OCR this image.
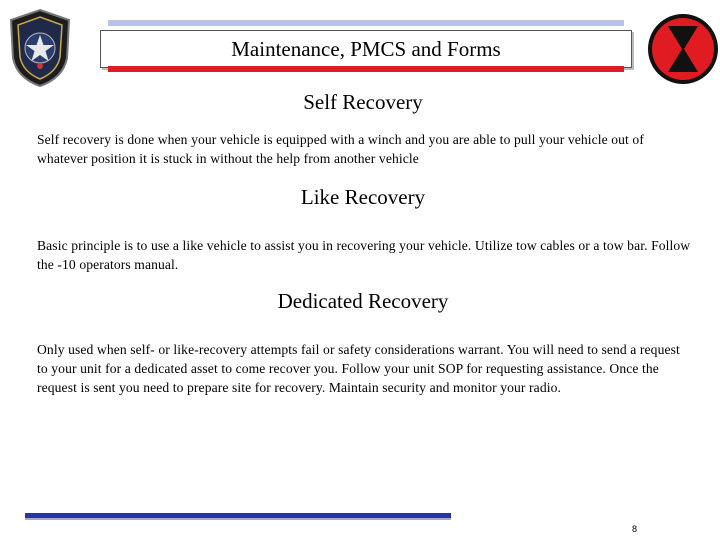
Maintenance, PMCS and Forms
Self Recovery
Self recovery is done when your vehicle is equipped with a winch and you are able to pull your vehicle out of whatever position it is stuck in without the help from another vehicle
Like Recovery
Basic principle is to use a like vehicle to assist you in recovering your vehicle. Utilize tow cables or a tow bar. Follow the -10 operators manual.
Dedicated Recovery
Only used when self- or like-recovery attempts fail or safety considerations warrant. You will need to send a request to your unit for a dedicated asset to come recover you. Follow your unit SOP for requesting assistance. Once the request is sent you need to prepare site for recovery. Maintain security and monitor your radio.
8
